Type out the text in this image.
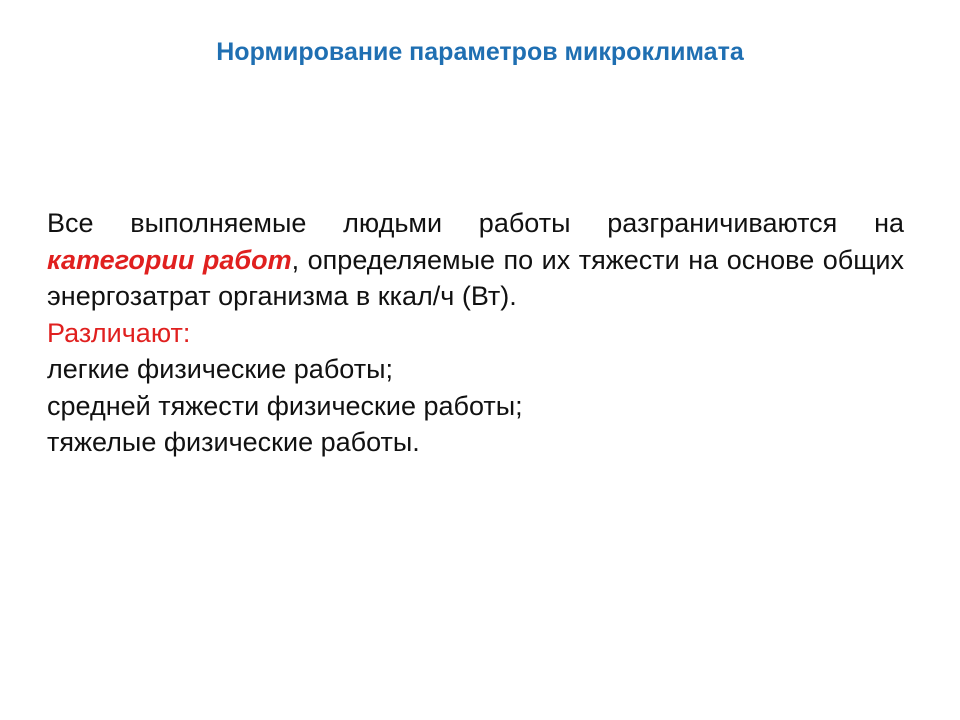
Нормирование параметров микроклимата

Все выполняемые людьми работы разграничиваются на категории работ, определяемые по их тяжести на основе общих энергозатрат организма в ккал/ч (Вт).

Различают:
легкие физические работы;
средней тяжести физические работы;
тяжелые физические работы.
